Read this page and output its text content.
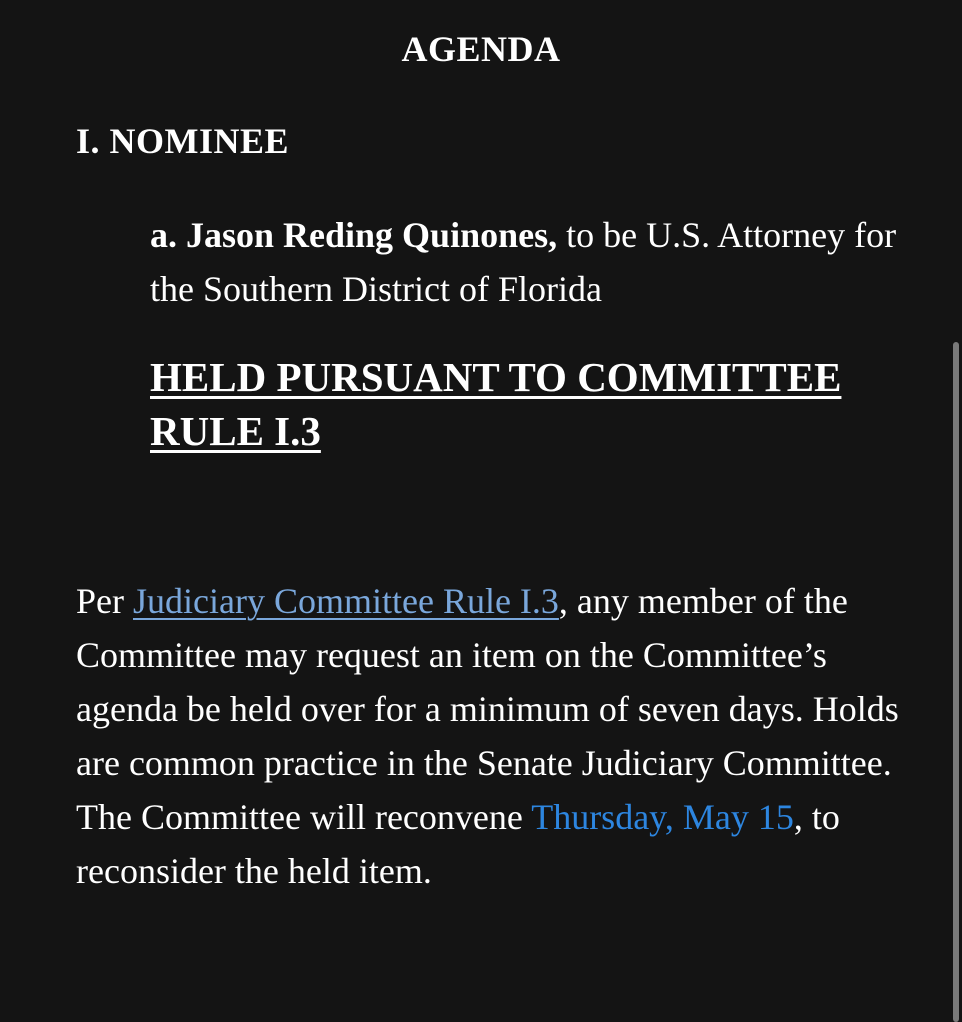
AGENDA
I. NOMINEE
a. Jason Reding Quinones, to be U.S. Attorney for the Southern District of Florida
HELD PURSUANT TO COMMITTEE RULE I.3
Per Judiciary Committee Rule I.3, any member of the Committee may request an item on the Committee’s agenda be held over for a minimum of seven days. Holds are common practice in the Senate Judiciary Committee. The Committee will reconvene Thursday, May 15, to reconsider the held item.
